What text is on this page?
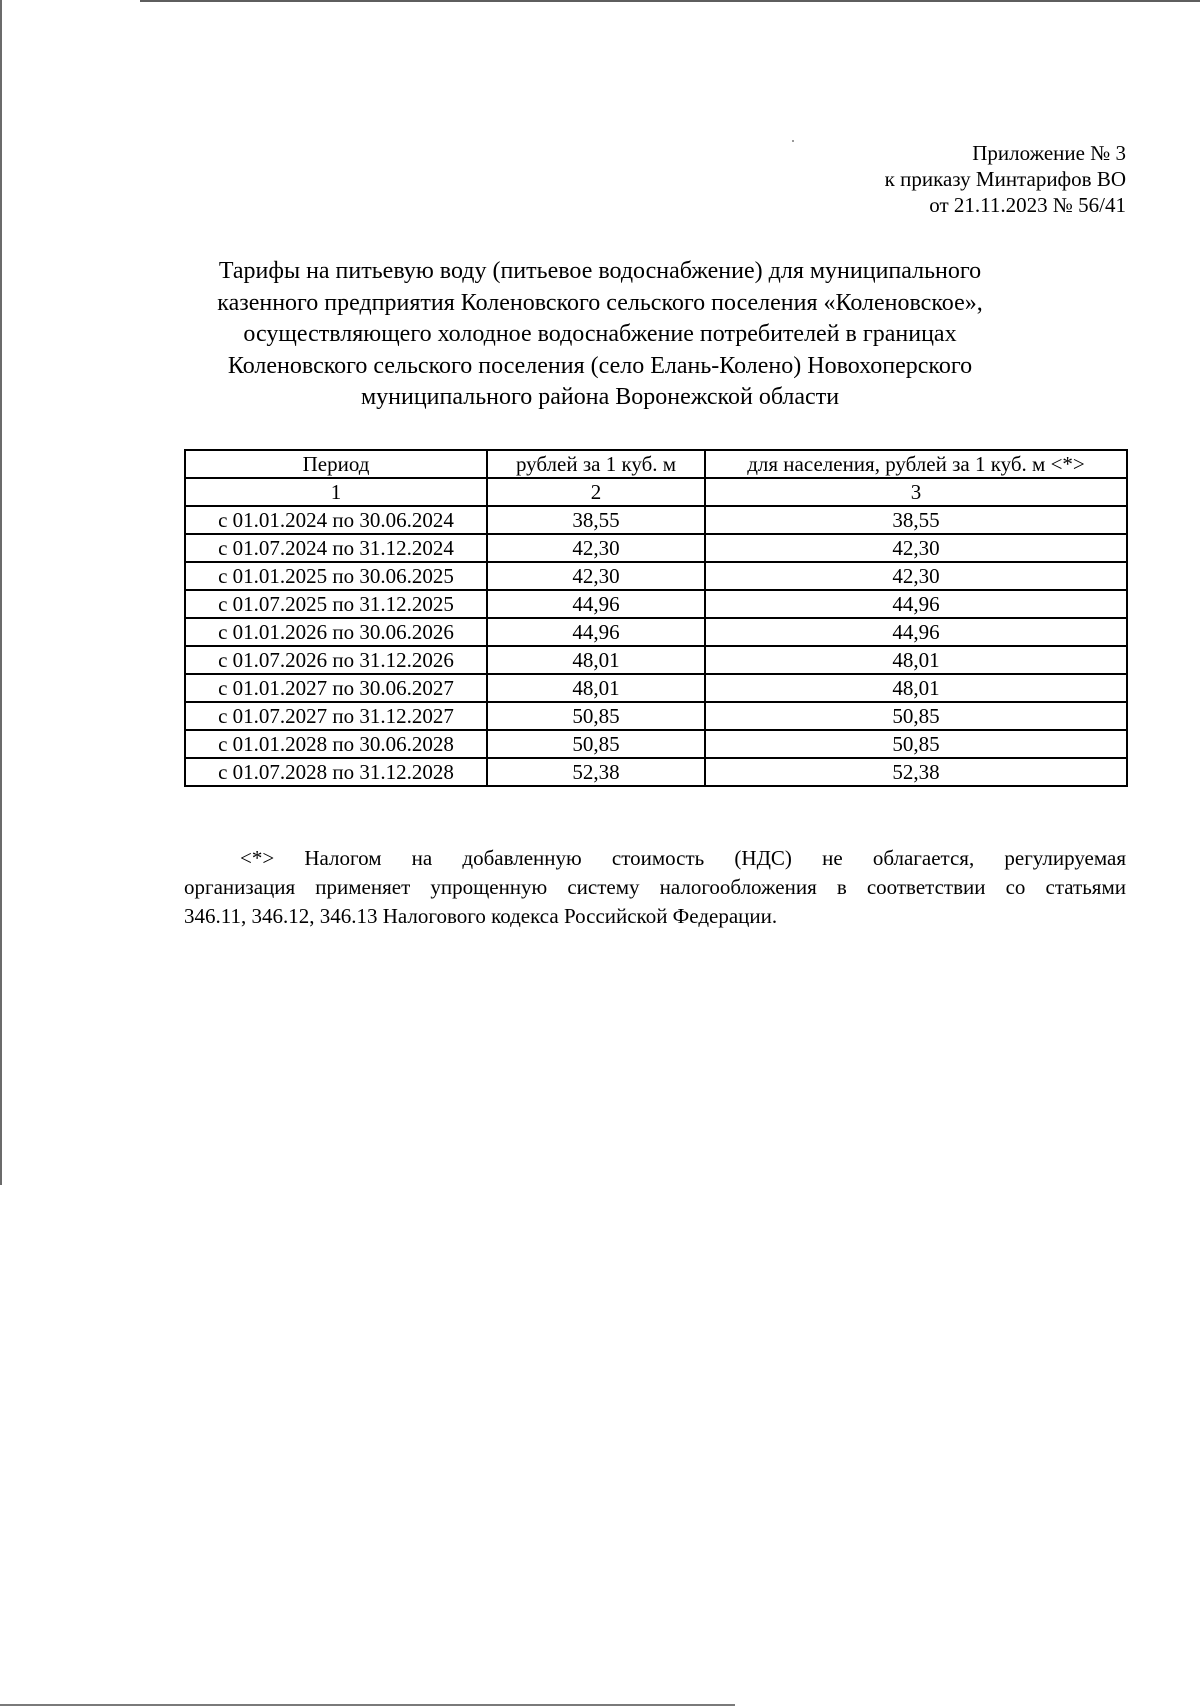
Приложение № 3
к приказу Минтарифов ВО
от 21.11.2023 № 56/41
Тарифы на питьевую воду (питьевое водоснабжение) для муниципального
казенного предприятия Коленовского сельского поселения «Коленовское»,
осуществляющего холодное водоснабжение потребителей в границах
Коленовского сельского поселения (село Елань-Колено) Новохоперского
муниципального района Воронежской области
Период	рублей за 1 куб. м	для населения, рублей за 1 куб. м <*>
1	2	3
с 01.01.2024 по 30.06.2024	38,55	38,55
с 01.07.2024 по 31.12.2024	42,30	42,30
с 01.01.2025 по 30.06.2025	42,30	42,30
с 01.07.2025 по 31.12.2025	44,96	44,96
с 01.01.2026 по 30.06.2026	44,96	44,96
с 01.07.2026 по 31.12.2026	48,01	48,01
с 01.01.2027 по 30.06.2027	48,01	48,01
с 01.07.2027 по 31.12.2027	50,85	50,85
с 01.01.2028 по 30.06.2028	50,85	50,85
с 01.07.2028 по 31.12.2028	52,38	52,38
<*> Налогом на добавленную стоимость (НДС) не облагается, регулируемая
организация применяет упрощенную систему налогообложения в соответствии со статьями
346.11, 346.12, 346.13 Налогового кодекса Российской Федерации.
